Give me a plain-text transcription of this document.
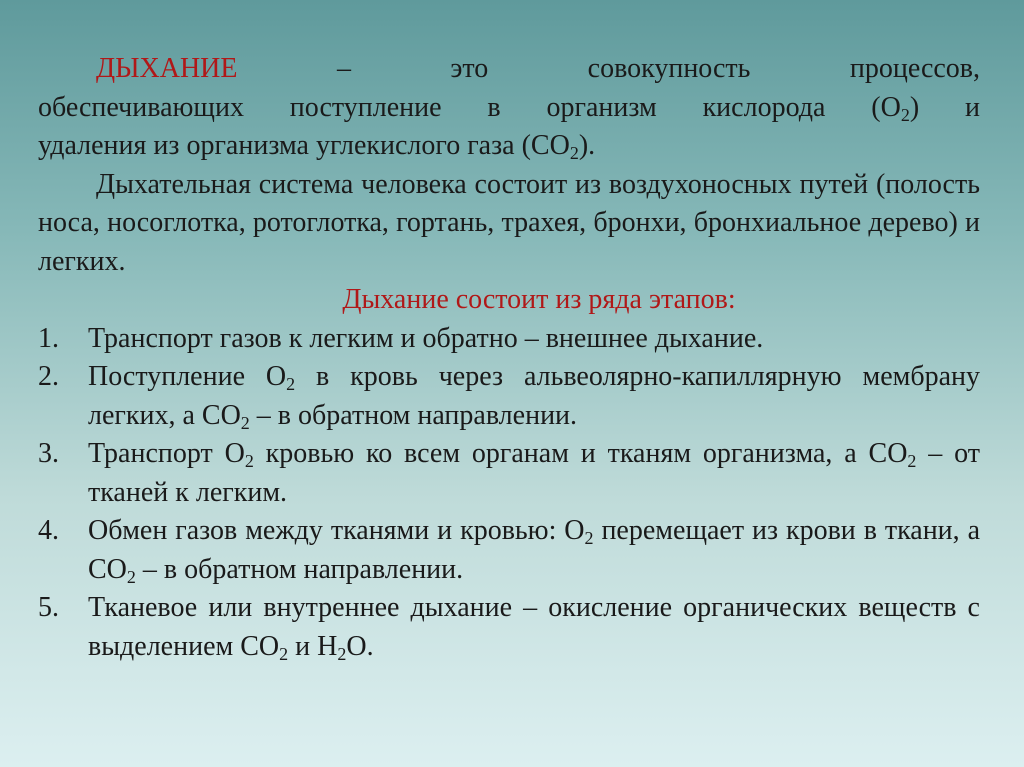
ДЫХАНИЕ	–	это	совокупность	процессов,

обеспечивающих поступление в организм кислорода $(О_2)$ и

удаления из организма углекислого газа $(СО_2)$.

Дыхательная система человека состоит из воздухоносных путей (полость носа, носоглотка, ротоглотка, гортань, трахея, бронхи, бронхиальное дерево) и легких.

Дыхание состоит из ряда этапов:

1.	Транспорт газов к легким и обратно – внешнее дыхание.
2.	Поступление $О_2$ в кровь через альвеолярно-капиллярную мембрану легких, а $СО_2$ – в обратном направлении.
3.	Транспорт $О_2$ кровью ко всем органам и тканям организма, а $СО_2$ – от тканей к легким.
4.	Обмен газов между тканями и кровью: $О_2$ перемещает из крови в ткани, а $СО_2$ – в обратном направлении.
5.	Тканевое или внутреннее дыхание – окисление органических веществ с выделением $СО_2$ и $Н_2О$.
